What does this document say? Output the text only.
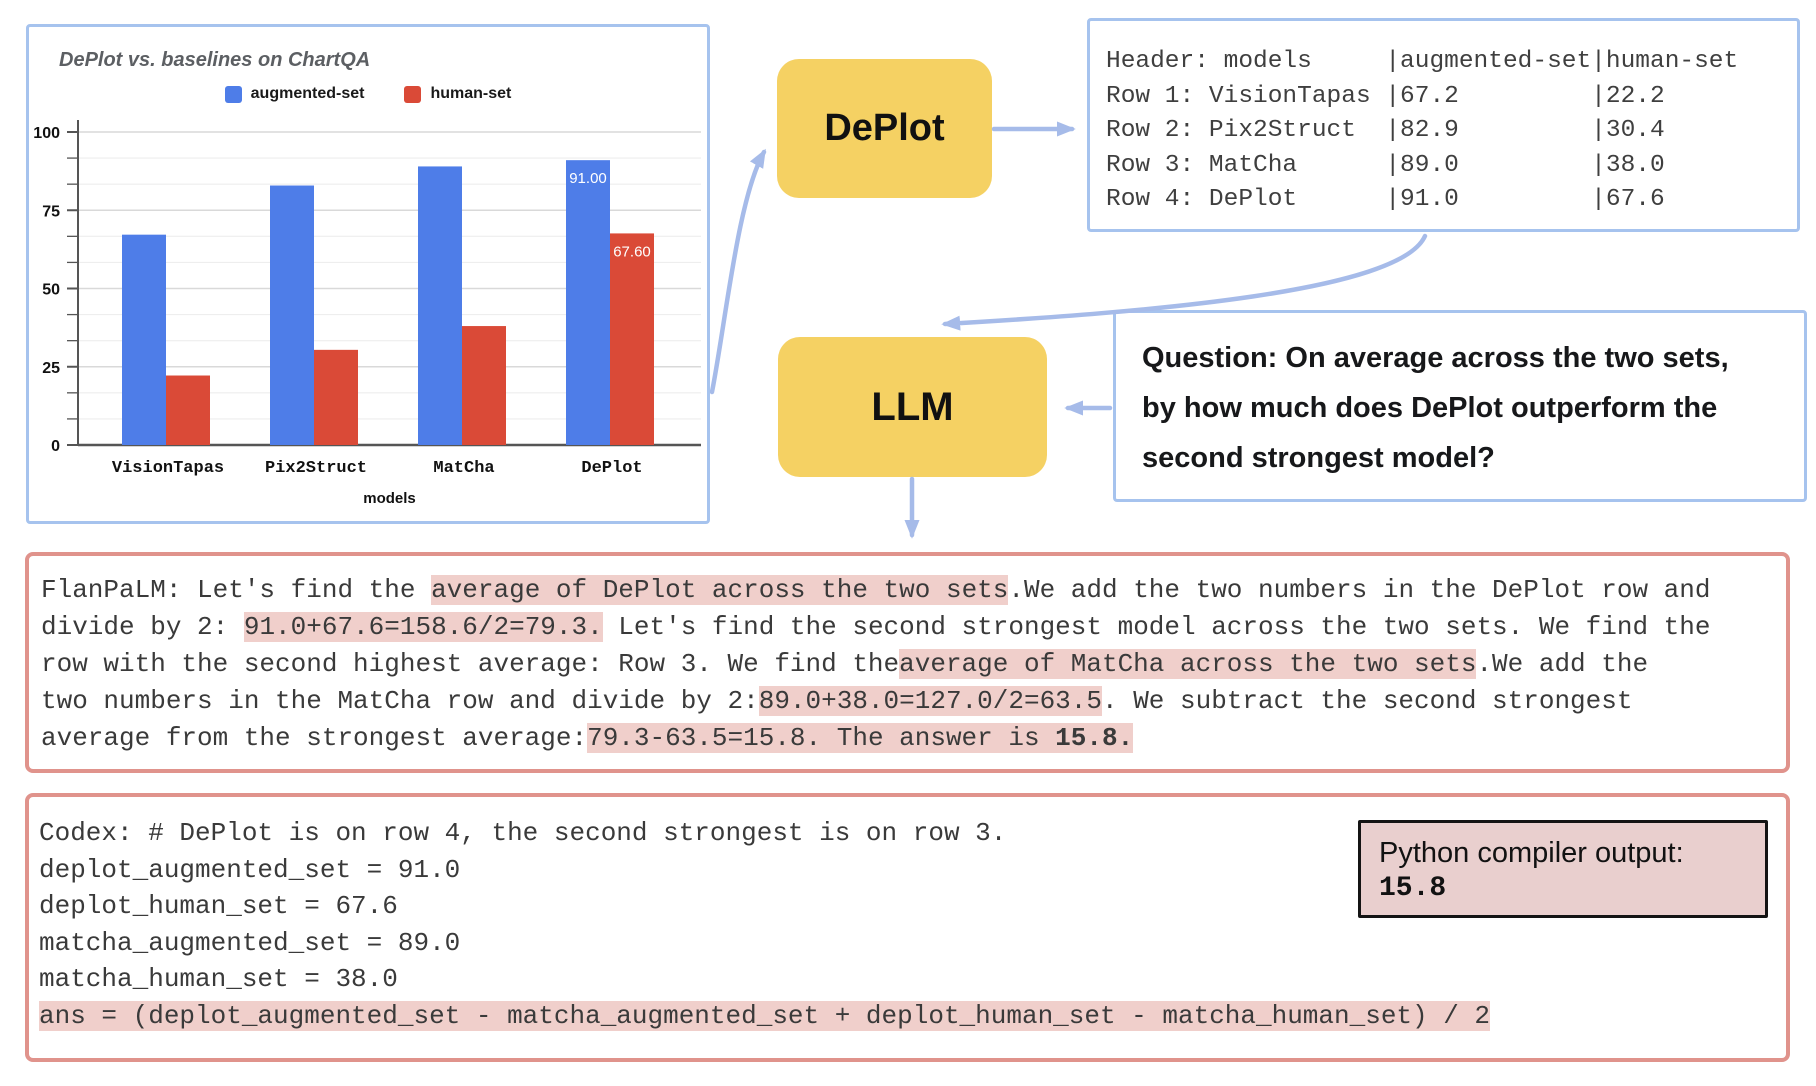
DePlot vs. baselines on ChartQA
augmented-set	human-set
0
25
50
75
100
VisionTapas Pix2Struct	MatCha	DePlot
91.00
67.60
models
DePlot
Header: models     |augmented-set|human-set
Row 1: VisionTapas |67.2         |22.2
Row 2: Pix2Struct  |82.9         |30.4
Row 3: MatCha      |89.0         |38.0
Row 4: DePlot      |91.0         |67.6
LLM
Question: On average across the two sets,
by how much does DePlot outperform the
second strongest model?
FlanPaLM: Let's find the average of DePlot across the two sets.We add the two numbers in the DePlot row and
divide by 2: 91.0+67.6=158.6/2=79.3. Let's find the second strongest model across the two sets. We find the
row with the second highest average: Row 3. We find theaverage of MatCha across the two sets.We add the
two numbers in the MatCha row and divide by 2:89.0+38.0=127.0/2=63.5. We subtract the second strongest
average from the strongest average:79.3-63.5=15.8. The answer is 15.8.
Codex: # DePlot is on row 4, the second strongest is on row 3.
deplot_augmented_set = 91.0
deplot_human_set = 67.6
matcha_augmented_set = 89.0
matcha_human_set = 38.0
ans = (deplot_augmented_set - matcha_augmented_set + deplot_human_set - matcha_human_set) / 2
Python compiler output:
15.8
